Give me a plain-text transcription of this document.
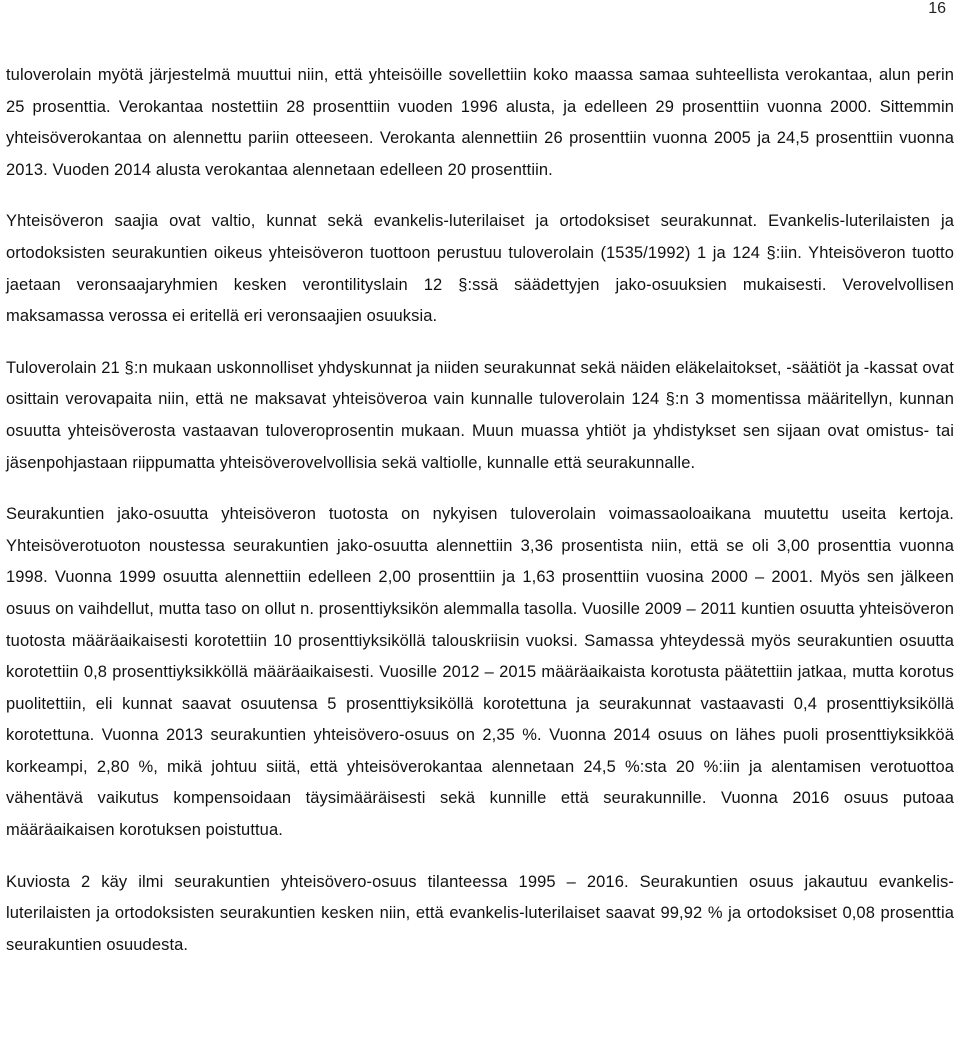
16

tuloverolain myötä järjestelmä muuttui niin, että yhteisöille sovellettiin koko maassa samaa suhteellista verokantaa, alun perin 25 prosenttia. Verokantaa nostettiin 28 prosenttiin vuoden 1996 alusta, ja edelleen 29 prosenttiin vuonna 2000. Sittemmin yhteisöverokantaa on alennettu pariin otteeseen. Verokanta alennettiin 26 prosenttiin vuonna 2005 ja 24,5 prosenttiin vuonna 2013. Vuoden 2014 alusta verokantaa alennetaan edelleen 20 prosenttiin.

Yhteisöveron saajia ovat valtio, kunnat sekä evankelis-luterilaiset ja ortodoksiset seurakunnat. Evankelis-luterilaisten ja ortodoksisten seurakuntien oikeus yhteisöveron tuottoon perustuu tuloverolain (1535/1992) 1 ja 124 §:iin. Yhteisöveron tuotto jaetaan veronsaajaryhmien kesken verontilityslain 12 §:ssä säädettyjen jako-osuuksien mukaisesti. Verovelvollisen maksamassa verossa ei eritellä eri veronsaajien osuuksia.

Tuloverolain 21 §:n mukaan uskonnolliset yhdyskunnat ja niiden seurakunnat sekä näiden eläkelaitokset, -säätiöt ja -kassat ovat osittain verovapaita niin, että ne maksavat yhteisöveroa vain kunnalle tuloverolain 124 §:n 3 momentissa määritellyn, kunnan osuutta yhteisöverosta vastaavan tuloveroprosentin mukaan. Muun muassa yhtiöt ja yhdistykset sen sijaan ovat omistus- tai jäsenpohjastaan riippumatta yhteisöverovelvollisia sekä valtiolle, kunnalle että seurakunnalle.

Seurakuntien jako-osuutta yhteisöveron tuotosta on nykyisen tuloverolain voimassaoloaikana muutettu useita kertoja. Yhteisöverotuoton noustessa seurakuntien jako-osuutta alennettiin 3,36 prosentista niin, että se oli 3,00 prosenttia vuonna 1998. Vuonna 1999 osuutta alennettiin edelleen 2,00 prosenttiin ja 1,63 prosenttiin vuosina 2000 – 2001. Myös sen jälkeen osuus on vaihdellut, mutta taso on ollut n. prosenttiyksikön alemmalla tasolla. Vuosille 2009 – 2011 kuntien osuutta yhteisöveron tuotosta määräaikaisesti korotettiin 10 prosenttiyksiköllä talouskriisin vuoksi. Samassa yhteydessä myös seurakuntien osuutta korotettiin 0,8 prosenttiyksikköllä määräaikaisesti. Vuosille 2012 – 2015 määräaikaista korotusta päätettiin jatkaa, mutta korotus puolitettiin, eli kunnat saavat osuutensa 5 prosenttiyksiköllä korotettuna ja seurakunnat vastaavasti 0,4 prosenttiyksiköllä korotettuna. Vuonna 2013 seurakuntien yhteisövero-osuus on 2,35 %. Vuonna 2014 osuus on lähes puoli prosenttiyksikköä korkeampi, 2,80 %, mikä johtuu siitä, että yhteisöverokantaa alennetaan 24,5 %:sta 20 %:iin ja alentamisen verotuottoa vähentävä vaikutus kompensoidaan täysimääräisesti sekä kunnille että seurakunnille. Vuonna 2016 osuus putoaa määräaikaisen korotuksen poistuttua.

Kuviosta 2 käy ilmi seurakuntien yhteisövero-osuus tilanteessa 1995 – 2016. Seurakuntien osuus jakautuu evankelis-luterilaisten ja ortodoksisten seurakuntien kesken niin, että evankelis-luterilaiset saavat 99,92 % ja ortodoksiset 0,08 prosenttia seurakuntien osuudesta.
